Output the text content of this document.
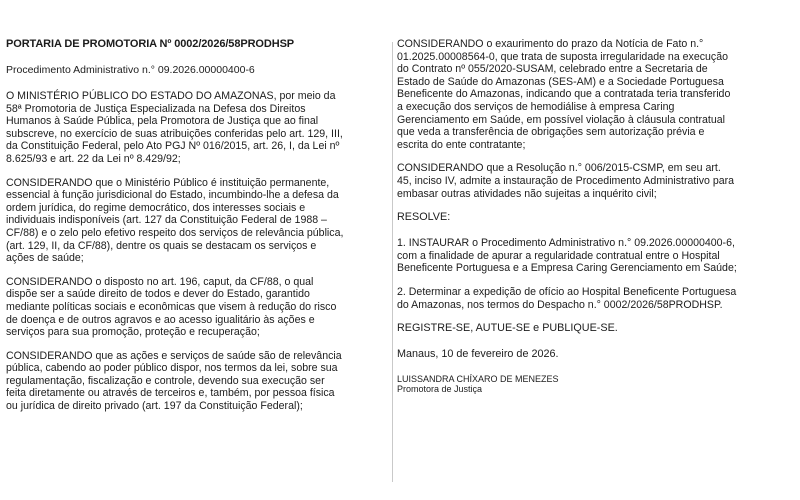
PORTARIA DE PROMOTORIA Nº 0002/2026/58PRODHSP
Procedimento Administrativo n.° 09.2026.00000400-6

O MINISTÉRIO PÚBLICO DO ESTADO DO AMAZONAS, por meio da
58ª Promotoria de Justiça Especializada na Defesa dos Direitos
Humanos à Saúde Pública, pela Promotora de Justiça que ao final
subscreve, no exercício de suas atribuições conferidas pelo art. 129, III,
da Constituição Federal, pelo Ato PGJ Nº 016/2015, art. 26, I, da Lei nº
8.625/93 e art. 22 da Lei nº 8.429/92;

CONSIDERANDO que o Ministério Público é instituição permanente,
essencial à função jurisdicional do Estado, incumbindo-lhe a defesa da
ordem jurídica, do regime democrático, dos interesses sociais e
individuais indisponíveis (art. 127 da Constituição Federal de 1988 –
CF/88) e o zelo pelo efetivo respeito dos serviços de relevância pública,
(art. 129, II, da CF/88), dentre os quais se destacam os serviços e
ações de saúde;

CONSIDERANDO o disposto no art. 196, caput, da CF/88, o qual
dispõe ser a saúde direito de todos e dever do Estado, garantido
mediante políticas sociais e econômicas que visem à redução do risco
de doença e de outros agravos e ao acesso igualitário às ações e
serviços para sua promoção, proteção e recuperação;

CONSIDERANDO que as ações e serviços de saúde são de relevância
pública, cabendo ao poder público dispor, nos termos da lei, sobre sua
regulamentação, fiscalização e controle, devendo sua execução ser
feita diretamente ou através de terceiros e, também, por pessoa física
ou jurídica de direito privado (art. 197 da Constituição Federal);

CONSIDERANDO o exaurimento do prazo da Notícia de Fato n.°
01.2025.00008564-0, que trata de suposta irregularidade na execução
do Contrato nº 055/2020-SUSAM, celebrado entre a Secretaria de
Estado de Saúde do Amazonas (SES-AM) e a Sociedade Portuguesa
Beneficente do Amazonas, indicando que a contratada teria transferido
a execução dos serviços de hemodiálise à empresa Caring
Gerenciamento em Saúde, em possível violação à cláusula contratual
que veda a transferência de obrigações sem autorização prévia e
escrita do ente contratante;

CONSIDERANDO que a Resolução n.° 006/2015-CSMP, em seu art.
45, inciso IV, admite a instauração de Procedimento Administrativo para
embasar outras atividades não sujeitas a inquérito civil;

RESOLVE:

1. INSTAURAR o Procedimento Administrativo n.° 09.2026.00000400-6,
com a finalidade de apurar a regularidade contratual entre o Hospital
Beneficente Portuguesa e a Empresa Caring Gerenciamento em Saúde;

2. Determinar a expedição de ofício ao Hospital Beneficente Portuguesa
do Amazonas, nos termos do Despacho n.° 0002/2026/58PRODHSP.

REGISTRE-SE, AUTUE-SE e PUBLIQUE-SE.
Manaus, 10 de fevereiro de 2026.
LUISSANDRA CHÍXARO DE MENEZES
Promotora de Justiça
